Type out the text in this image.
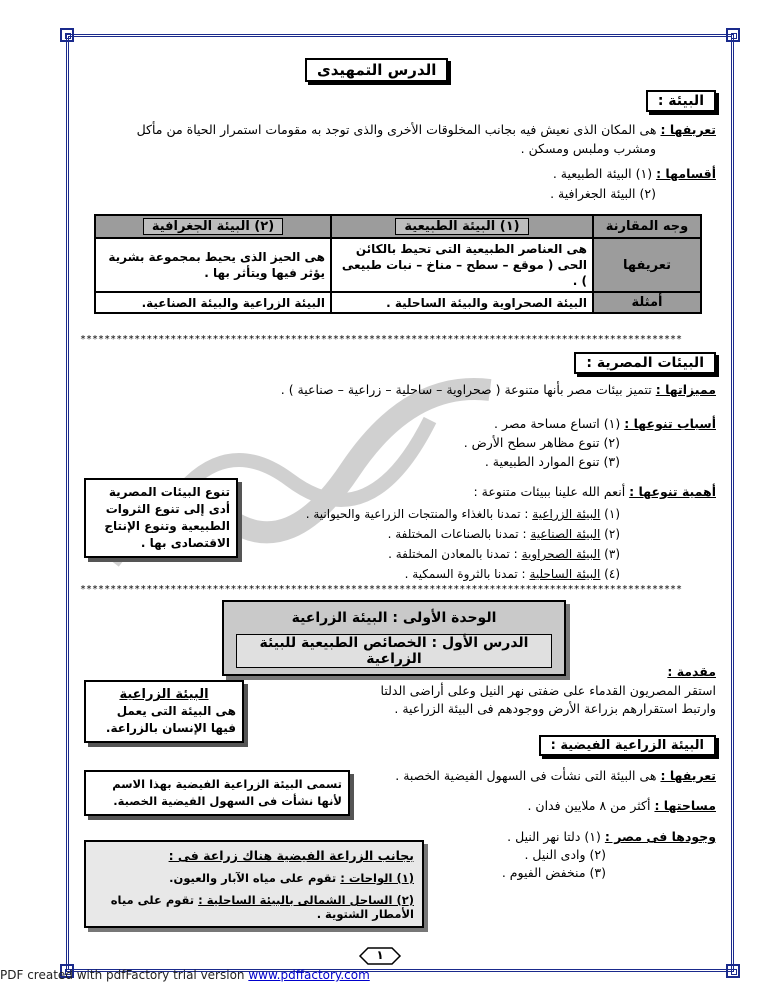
الدرس التمهيدى
البيئة :
تعريفها : هى المكان الذى نعيش فيه بجانب المخلوقات الأخرى والذى توجد به مقومات استمرار الحياة من مأكل
ومشرب وملبس ومسكن .
أقسامها : (١) البيئة الطبيعية .
(٢) البيئة الجغرافية .
وجه المقارنة	(١) البيئة الطبيعية	(٢) البيئة الجغرافية
تعريفها	هى العناصر الطبيعية التى تحيط بالكائن الحى ( موقع – سطح – مناخ – نبات طبيعى ) .	هى الحيز الذى يحيط بمجموعة بشرية يؤثر فيها ويتأثر بها .
أمثلة	البيئة الصحراوية والبيئة الساحلية .	البيئة الزراعية والبيئة الصناعية.
****************************************************************************************************
البيئات المصرية :
مميزاتها : تتميز بيئات مصر بأنها متنوعة ( صحراوية – ساحلية – زراعية – صناعية ) .
أسباب تنوعها : (١) اتساع مساحة مصر .
(٢) تنوع مظاهر سطح الأرض .
(٣) تنوع الموارد الطبيعية .
أهمية تنوعها : أنعم الله علينا ببيئات متنوعة :
(١) البيئة الزراعية : تمدنا بالغذاء والمنتجات الزراعية والحيوانية .
(٢) البيئة الصناعية : تمدنا بالصناعات المختلفة .
(٣) البيئة الصحراوية : تمدنا بالمعادن المختلفة .
(٤) البيئة الساحلية : تمدنا بالثروة السمكية .
تنوع البيئات المصرية أدى إلى تنوع الثروات الطبيعية وتنوع الإنتاج الاقتصادى بها .
****************************************************************************************************
الوحدة الأولى : البيئة الزراعية
الدرس الأول : الخصائص الطبيعية للبيئة الزراعية
مقدمة :
استقر المصريون القدماء على ضفتى نهر النيل وعلى أراضى الدلتا
وارتبط استقرارهم بزراعة الأرض ووجودهم فى البيئة الزراعية .
البيئة الزراعية
هى البيئة التى يعمل فيها الإنسان بالزراعة.
البيئة الزراعية الفيضية :
تعريفها : هى البيئة التى نشأت فى السهول الفيضية الخصبة .
مساحتها : أكثر من ٨ ملايين فدان .
وجودها فى مصر : (١) دلتا نهر النيل .
(٢) وادى النيل .
(٣) منخفض الفيوم .
تسمى البيئة الزراعية الفيضية بهذا الاسم لأنها نشأت فى السهول الفيضية الخصبة.
بجانب الزراعة الفيضية هناك زراعة فى :
(١) الواحات : تقوم على مياه الآبار والعيون.
(٢) الساحل الشمالى بالبيئة الساحلية : تقوم على مياه الأمطار الشتوية .
١
PDF created with pdfFactory trial version www.pdffactory.com
